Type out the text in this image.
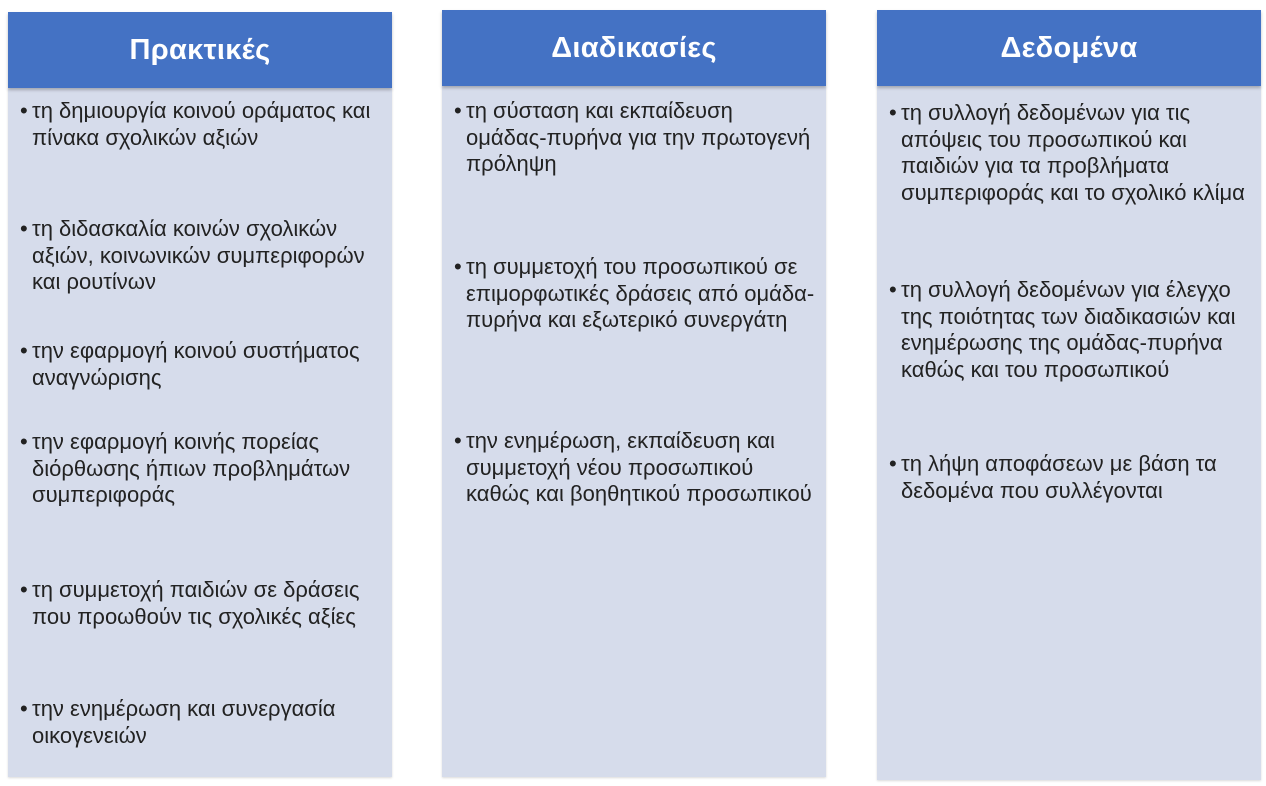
Πρακτικές
• τη δημιουργία κοινού οράματος και πίνακα σχολικών αξιών
• τη διδασκαλία κοινών σχολικών αξιών, κοινωνικών συμπεριφορών και ρουτίνων
• την εφαρμογή κοινού συστήματος αναγνώρισης
• την εφαρμογή κοινής πορείας διόρθωσης ήπιων προβλημάτων συμπεριφοράς
• τη συμμετοχή παιδιών σε δράσεις που προωθούν τις σχολικές αξίες
• την ενημέρωση και συνεργασία οικογενειών
Διαδικασίες
• τη σύσταση και εκπαίδευση ομάδας-πυρήνα για την πρωτογενή πρόληψη
• τη συμμετοχή του προσωπικού σε επιμορφωτικές δράσεις από ομάδα-πυρήνα και εξωτερικό συνεργάτη
• την ενημέρωση, εκπαίδευση και συμμετοχή νέου προσωπικού καθώς και βοηθητικού προσωπικού
Δεδομένα
• τη συλλογή δεδομένων για τις απόψεις του προσωπικού και παιδιών για τα προβλήματα συμπεριφοράς και το σχολικό κλίμα
• τη συλλογή δεδομένων για έλεγχο της ποιότητας των διαδικασιών και ενημέρωσης της ομάδας-πυρήνα καθώς και του προσωπικού
• τη λήψη αποφάσεων με βάση τα δεδομένα που συλλέγονται
